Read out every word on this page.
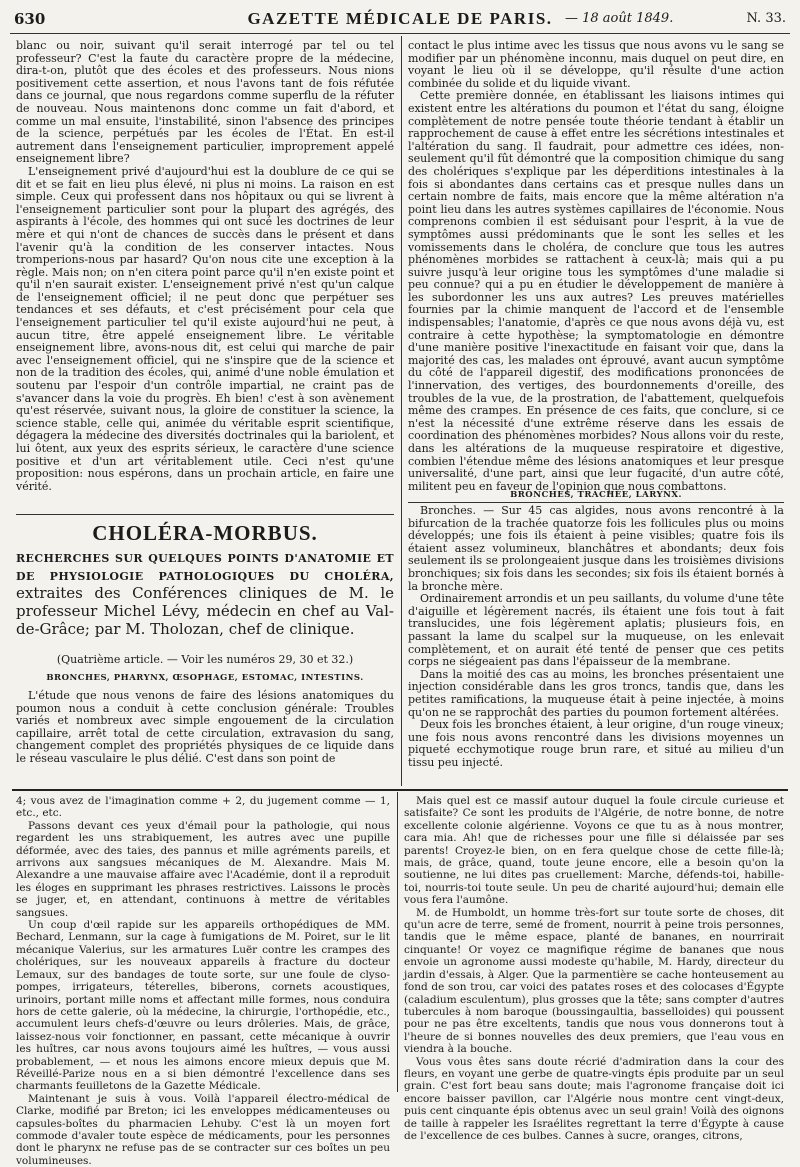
630	GAZETTE MÉDICALE DE PARIS. — 18 août 1849.	N. 33.

blanc ou noir, suivant qu'il serait interrogé par tel ou tel professeur? C'est la faute du caractère propre de la médecine, dira-t-on, plutôt que des écoles et des professeurs. Nous nions positivement cette assertion, et nous l'avons tant de fois réfutée dans ce journal, que nous regardons comme superflu de la réfuter de nouveau. Nous maintenons donc comme un fait d'abord, et comme un mal ensuite, l'instabilité, sinon l'absence des principes de la science, perpétués par les écoles de l'État. En est-il autrement dans l'enseignement particulier, improprement appelé enseignement libre?

L'enseignement privé d'aujourd'hui est la doublure de ce qui se dit et se fait en lieu plus élevé, ni plus ni moins. La raison en est simple. Ceux qui professent dans nos hôpitaux ou qui se livrent à l'enseignement particulier sont pour la plupart des agrégés, des aspirants à l'école, des hommes qui ont sucé les doctrines de leur mère et qui n'ont de chances de succès dans le présent et dans l'avenir qu'à la condition de les conserver intactes. Nous tromperions-nous par hasard? Qu'on nous cite une exception à la règle. Mais non; on n'en citera point parce qu'il n'en existe point et qu'il n'en saurait exister. L'enseignement privé n'est qu'un calque de l'enseignement officiel; il ne peut donc que perpétuer ses tendances et ses défauts, et c'est précisément pour cela que l'enseignement particulier tel qu'il existe aujourd'hui ne peut, à aucun titre, être appelé enseignement libre. Le véritable enseignement libre, avons-nous dit, est celui qui marche de pair avec l'enseignement officiel, qui ne s'inspire que de la science et non de la tradition des écoles, qui, animé d'une noble émulation et soutenu par l'espoir d'un contrôle impartial, ne craint pas de s'avancer dans la voie du progrès. Eh bien! c'est à son avènement qu'est réservée, suivant nous, la gloire de constituer la science, la science stable, celle qui, animée du véritable esprit scientifique, dégagera la médecine des diversités doctrinales qui la bariolent, et lui ôtent, aux yeux des esprits sérieux, le caractère d'une science positive et d'un art véritablement utile. Ceci n'est qu'une proposition: nous espérons, dans un prochain article, en faire une vérité.

contact le plus intime avec les tissus que nous avons vu le sang se modifier par un phénomène inconnu, mais duquel on peut dire, en voyant le lieu où il se développe, qu'il résulte d'une action combinée du solide et du liquide vivant.

Cette première donnée, en établissant les liaisons intimes qui existent entre les altérations du poumon et l'état du sang, éloigne complètement de notre pensée toute théorie tendant à établir un rapprochement de cause à effet entre les sécrétions intestinales et l'altération du sang. Il faudrait, pour admettre ces idées, non-seulement qu'il fût démontré que la composition chimique du sang des cholériques s'explique par les déperditions intestinales à la fois si abondantes dans certains cas et presque nulles dans un certain nombre de faits, mais encore que la même altération n'a point lieu dans les autres systèmes capillaires de l'économie. Nous comprenons combien il est séduisant pour l'esprit, à la vue de symptômes aussi prédominants que le sont les selles et les vomissements dans le choléra, de conclure que tous les autres phénomènes morbides se rattachent à ceux-là; mais qui a pu suivre jusqu'à leur origine tous les symptômes d'une maladie si peu connue? qui a pu en étudier le développement de manière à les subordonner les uns aux autres? Les preuves matérielles fournies par la chimie manquent de l'accord et de l'ensemble indispensables; l'anatomie, d'après ce que nous avons déjà vu, est contraire à cette hypothèse; la symptomatologie en démontre d'une manière positive l'inexactitude en faisant voir que, dans la majorité des cas, les malades ont éprouvé, avant aucun symptôme du côté de l'appareil digestif, des modifications prononcées de l'innervation, des vertiges, des bourdonnements d'oreille, des troubles de la vue, de la prostration, de l'abattement, quelquefois même des crampes. En présence de ces faits, que conclure, si ce n'est la nécessité d'une extrême réserve dans les essais de coordination des phénomènes morbides? Nous allons voir du reste, dans les altérations de la muqueuse respiratoire et digestive, combien l'étendue même des lésions anatomiques et leur presque universalité, d'une part, ainsi que leur fugacité, d'un autre côté, militent peu en faveur de l'opinion que nous combattons.

BRONCHES, TRACHÉE, LARYNX.

Bronches. — Sur 45 cas algides, nous avons rencontré à la bifurcation de la trachée quatorze fois les follicules plus ou moins développés; une fois ils étaient à peine visibles; quatre fois ils étaient assez volumineux, blanchâtres et abondants; deux fois seulement ils se prolongeaient jusque dans les troisièmes divisions bronchiques; six fois dans les secondes; six fois ils étaient bornés à la bronche mère.

Ordinairement arrondis et un peu saillants, du volume d'une tête d'aiguille et légèrement nacrés, ils étaient une fois tout à fait translucides, une fois légèrement aplatis; plusieurs fois, en passant la lame du scalpel sur la muqueuse, on les enlevait complètement, et on aurait été tenté de penser que ces petits corps ne siégeaient pas dans l'épaisseur de la membrane.

Dans la moitié des cas au moins, les bronches présentaient une injection considérable dans les gros troncs, tandis que, dans les petites ramifications, la muqueuse était à peine injectée, à moins qu'on ne se rapprochât des parties du poumon fortement altérées.

Deux fois les bronches étaient, à leur origine, d'un rouge vineux; une fois nous avons rencontré dans les divisions moyennes un piqueté ecchymotique rouge brun rare, et situé au milieu d'un tissu peu injecté.

CHOLÉRA-MORBUS.
RECHERCHES SUR QUELQUES POINTS D'ANATOMIE ET DE PHYSIOLOGIE PATHOLOGIQUES DU CHOLÉRA, extraites des Conférences cliniques de M. le professeur Michel Lévy, médecin en chef au Val-de-Grâce; par M. Tholozan, chef de clinique.
(Quatrième article. — Voir les numéros 29, 30 et 32.)
BRONCHES, PHARYNX, ŒSOPHAGE, ESTOMAC, INTESTINS.

L'étude que nous venons de faire des lésions anatomiques du poumon nous a conduit à cette conclusion générale: Troubles variés et nombreux avec simple engouement de la circulation capillaire, arrêt total de cette circulation, extravasion du sang, changement complet des propriétés physiques de ce liquide dans le réseau vasculaire le plus délié. C'est dans son point de

4; vous avez de l'imagination comme + 2, du jugement comme — 1, etc., etc.

Passons devant ces yeux d'émail pour la pathologie, qui nous regardent les uns strabiquement, les autres avec une pupille déformée, avec des taies, des pannus et mille agréments pareils, et arrivons aux sangsues mécaniques de M. Alexandre. Mais M. Alexandre a une mauvaise affaire avec l'Académie, dont il a reproduit les éloges en supprimant les phrases restrictives. Laissons le procès se juger, et, en attendant, continuons à mettre de véritables sangsues.

Un coup d'œil rapide sur les appareils orthopédiques de MM. Bechard, Lenmann, sur la cage à fumigations de M. Poiret, sur le lit mécanique Valerius, sur les armatures Luër contre les crampes des cholériques, sur les nouveaux appareils à fracture du docteur Lemaux, sur des bandages de toute sorte, sur une foule de clyso-pompes, irrigateurs, téterelles, biberons, cornets acoustiques, urinoirs, portant mille noms et affectant mille formes, nous conduira hors de cette galerie, où la médecine, la chirurgie, l'orthopédie, etc., accumulent leurs chefs-d'œuvre ou leurs drôleries. Mais, de grâce, laissez-nous voir fonctionner, en passant, cette mécanique à ouvrir les huîtres, car nous avons toujours aimé les huîtres, — vous aussi probablement, — et nous les aimons encore mieux depuis que M. Réveillé-Parize nous en a si bien démontré l'excellence dans ses charmants feuilletons de la Gazette Médicale.

Maintenant je suis à vous. Voilà l'appareil électro-médical de Clarke, modifié par Breton; ici les enveloppes médicamenteuses ou capsules-boîtes du pharmacien Lehuby. C'est là un moyen fort commode d'avaler toute espèce de médicaments, pour les personnes dont le pharynx ne refuse pas de se contracter sur ces boîtes un peu volumineuses.

Mais quel est ce massif autour duquel la foule circule curieuse et satisfaite? Ce sont les produits de l'Algérie, de notre bonne, de notre excellente colonie algérienne. Voyons ce que tu as à nous montrer, cara mia. Ah! que de richesses pour une fille si délaissée par ses parents! Croyez-le bien, on en fera quelque chose de cette fille-là; mais, de grâce, quand, toute jeune encore, elle a besoin qu'on la soutienne, ne lui dites pas cruellement: Marche, défends-toi, habille-toi, nourris-toi toute seule. Un peu de charité aujourd'hui; demain elle vous fera l'aumône.

M. de Humboldt, un homme très-fort sur toute sorte de choses, dit qu'un acre de terre, semé de froment, nourrit à peine trois personnes, tandis que le même espace, planté de bananes, en nourrirait cinquante! Or voyez ce magnifique régime de bananes que nous envoie un agronome aussi modeste qu'habile, M. Hardy, directeur du jardin d'essais, à Alger. Que la parmentière se cache honteusement au fond de son trou, car voici des patates roses et des colocases d'Égypte (caladium esculentum), plus grosses que la tête; sans compter d'autres tubercules à nom baroque (boussingaultia, basselloides) qui poussent pour ne pas être exceltents, tandis que nous vous donnerons tout à l'heure de si bonnes nouvelles des deux premiers, que l'eau vous en viendra à la bouche.

Vous vous êtes sans doute récrié d'admiration dans la cour des fleurs, en voyant une gerbe de quatre-vingts épis produite par un seul grain. C'est fort beau sans doute; mais l'agronome française doit ici encore baisser pavillon, car l'Algérie nous montre cent vingt-deux, puis cent cinquante épis obtenus avec un seul grain! Voilà des oignons de taille à rappeler les Israélites regrettant la terre d'Égypte à cause de l'excellence de ces bulbes. Cannes à sucre, oranges, citrons,
